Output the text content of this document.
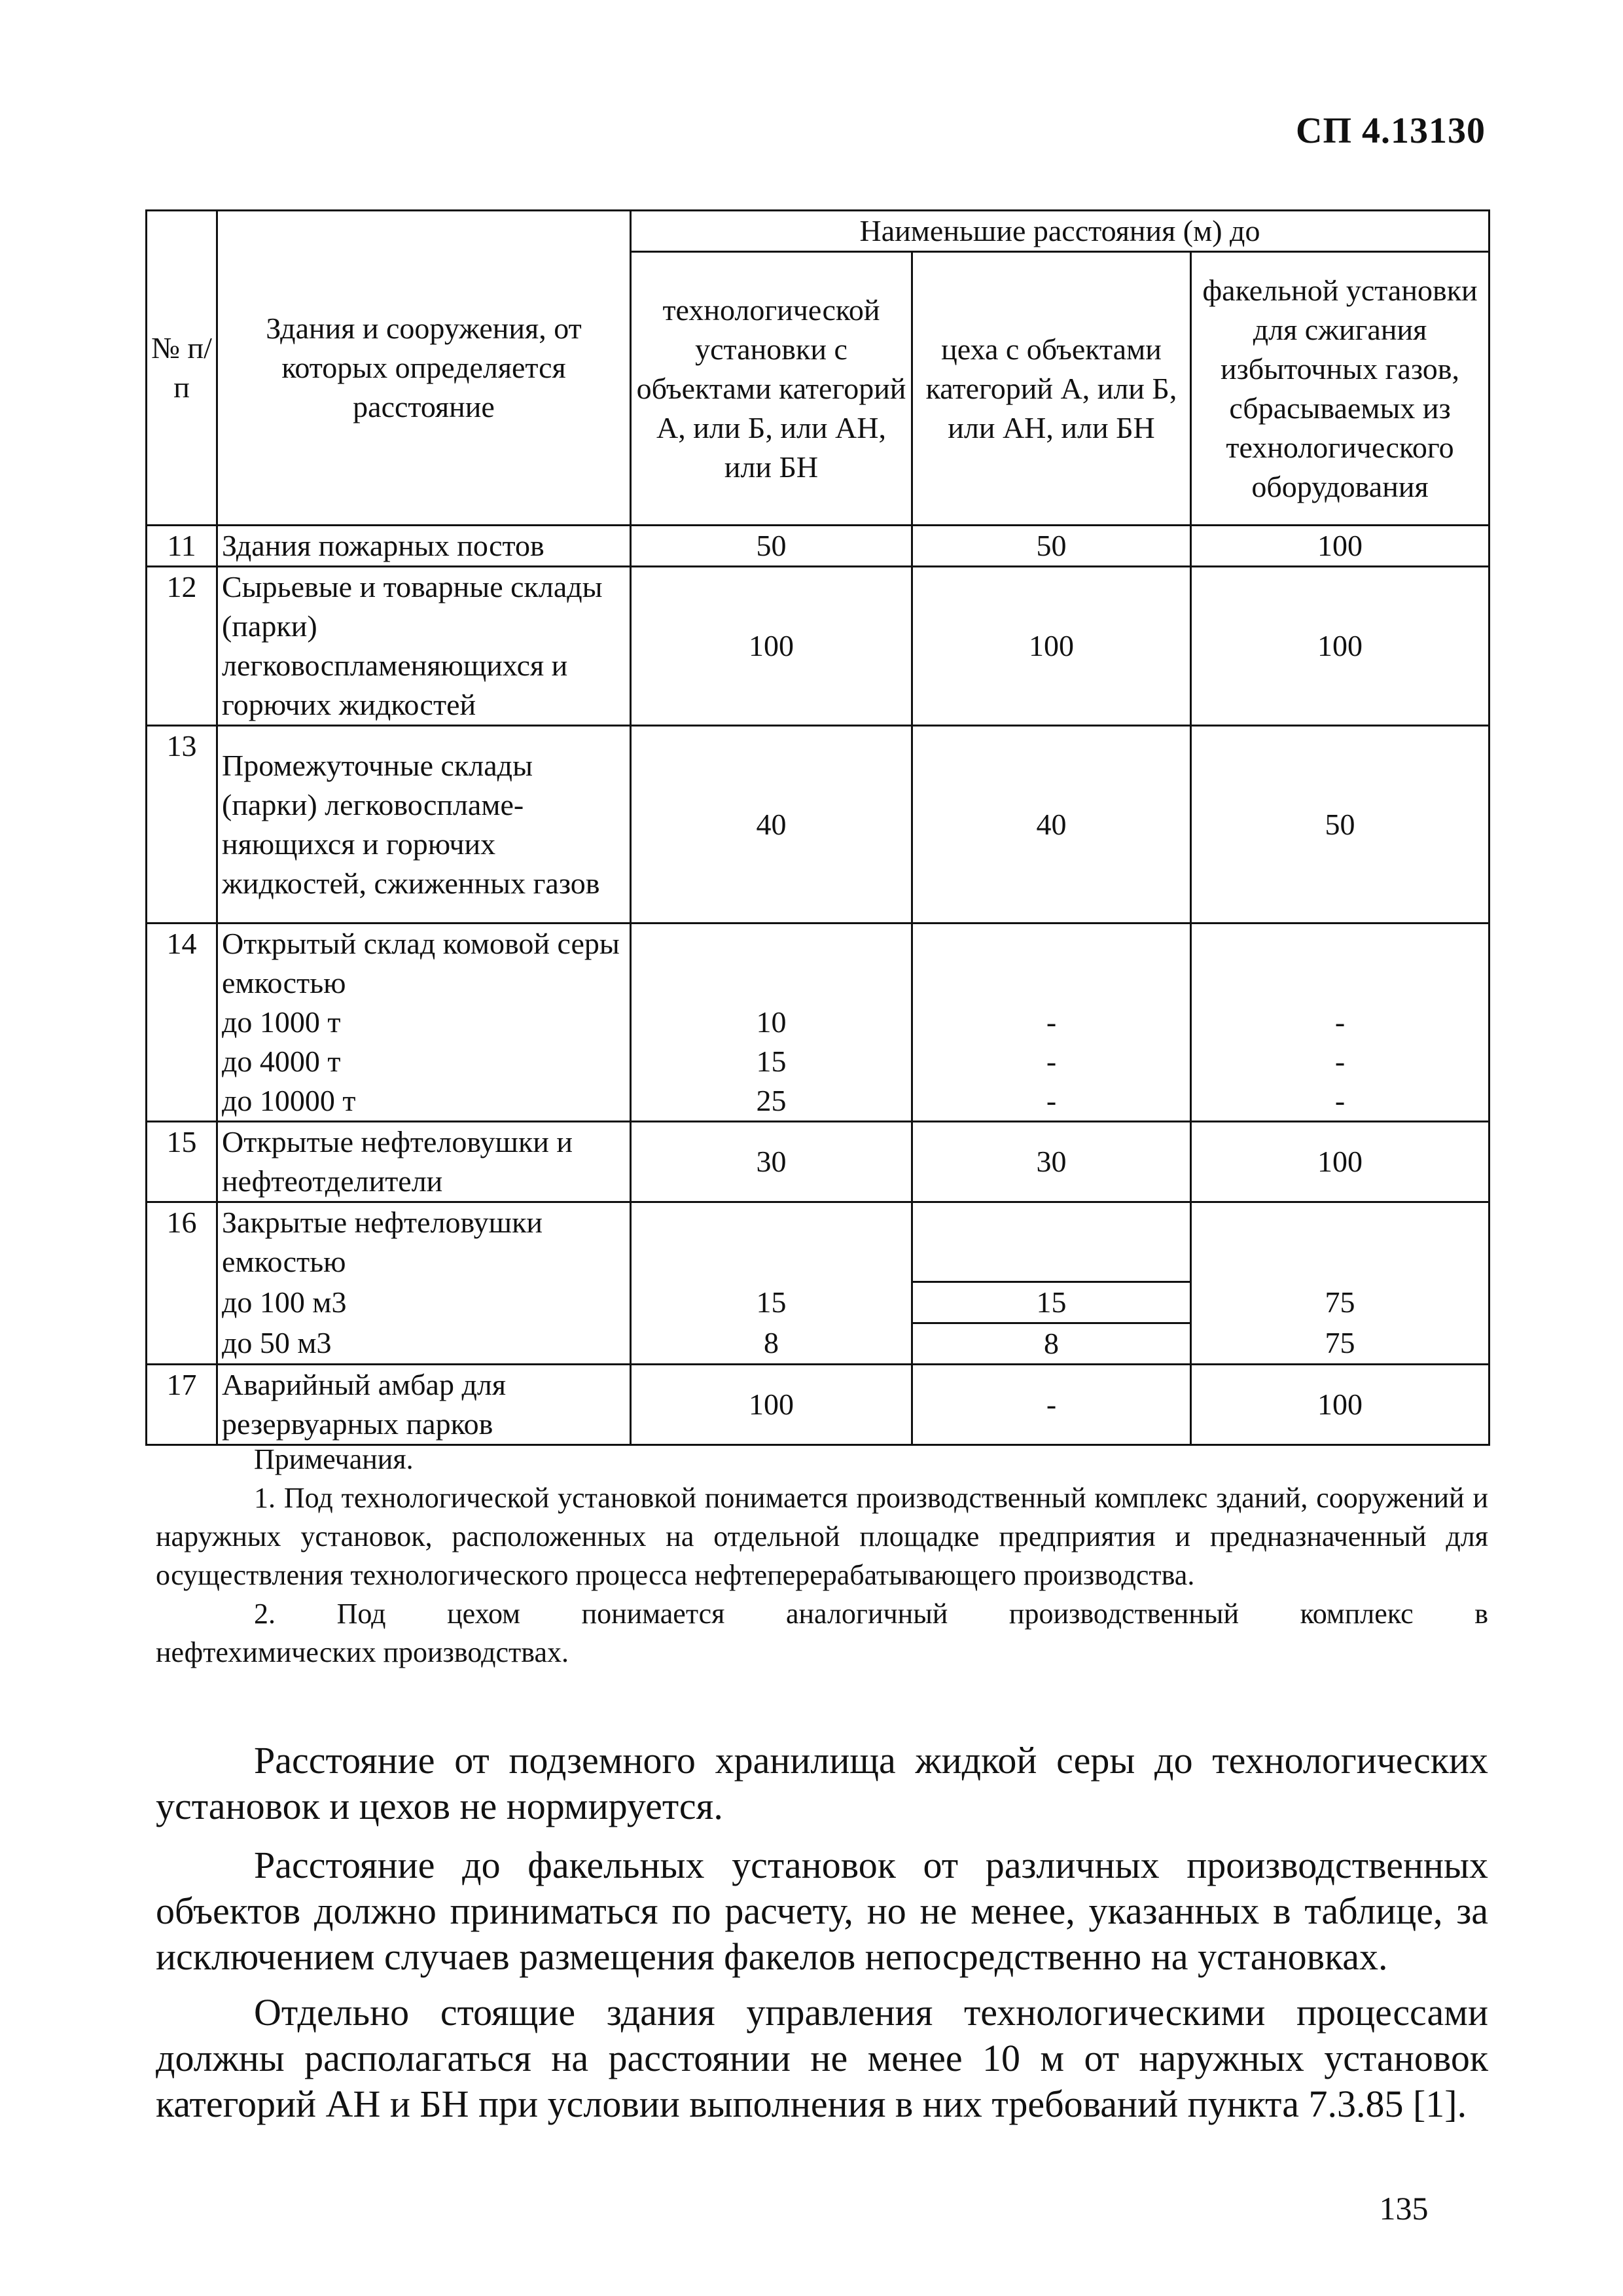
СП 4.13130
№ п/п	Здания и сооружения, от которых определяется расстояние	Наименьшие расстояния (м) до		
		технологической установки с объектами категорий А, или Б, или АН, или БН	цеха с объектами категорий А, или Б, или АН, или БН	факельной установки для сжигания избыточных газов, сбрасываемых из технологического оборудования
11	Здания пожарных постов	50	50	100
12	Сырьевые и товарные склады (парки) легковоспламеняющихся и горючих жидкостей	100	100	100
13	Промежуточные склады (парки) легковоспламе-няющихся и горючих жидкостей, сжиженных газов	40	40	50
14	Открытый склад комовой серы емкостью			
	до 1000 т	10	-	-
	до 4000 т	15	-	-
	до 10000 т	25	-	-
15	Открытые нефтеловушки и нефтеотделители	30	30	100
16	Закрытые нефтеловушки емкостью			
	до 100 м3	15	15	75
	до 50 м3	8	8	75
17	Аварийный амбар для резервуарных парков	100	-	100

Примечания.

1. Под технологической установкой понимается производственный комплекс зданий, сооружений и наружных установок, расположенных на отдельной площадке предприятия и предназначенный для осуществления технологического процесса нефтеперерабатывающего производства.

2. Под цехом понимается аналогичный производственный комплекс в

нефтехимических производствах.

Расстояние от подземного хранилища жидкой серы до технологических установок и цехов не нормируется.

Расстояние до факельных установок от различных производственных объектов должно приниматься по расчету, но не менее, указанных в таблице, за исключением случаев размещения факелов непосредственно на установках.

Отдельно стоящие здания управления технологическими процессами должны располагаться на расстоянии не менее 10 м от наружных установок категорий АН и БН при условии выполнения в них требований пункта 7.3.85 [1].

135
